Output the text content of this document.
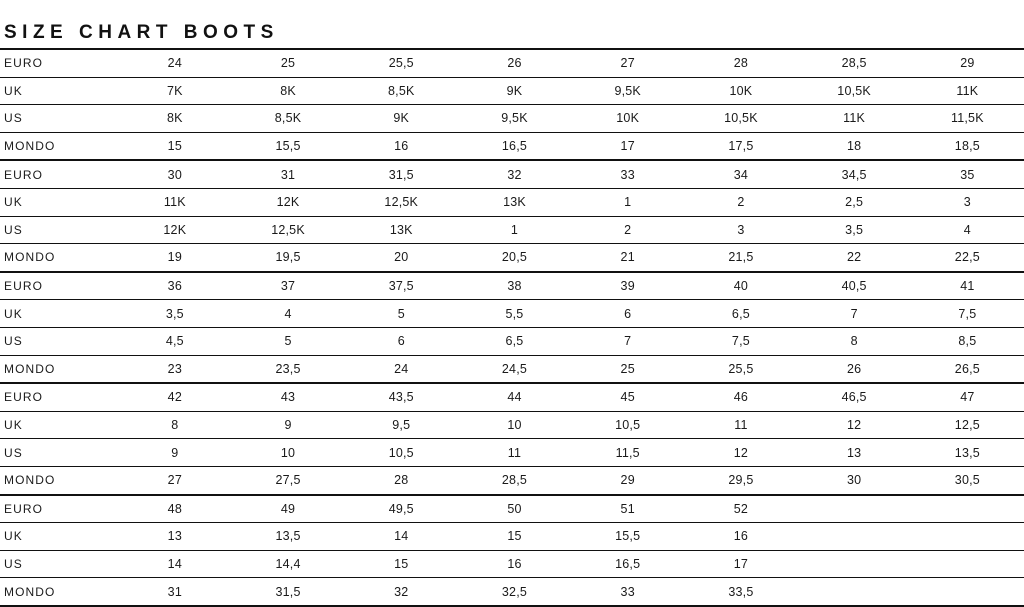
SIZE CHART BOOTS
EURO	24	25	25,5	26	27	28	28,5	29
UK	7K	8K	8,5K	9K	9,5K	10K	10,5K	11K
US	8K	8,5K	9K	9,5K	10K	10,5K	11K	11,5K
MONDO	15	15,5	16	16,5	17	17,5	18	18,5
EURO	30	31	31,5	32	33	34	34,5	35
UK	11K	12K	12,5K	13K	1	2	2,5	3
US	12K	12,5K	13K	1	2	3	3,5	4
MONDO	19	19,5	20	20,5	21	21,5	22	22,5
EURO	36	37	37,5	38	39	40	40,5	41
UK	3,5	4	5	5,5	6	6,5	7	7,5
US	4,5	5	6	6,5	7	7,5	8	8,5
MONDO	23	23,5	24	24,5	25	25,5	26	26,5
EURO	42	43	43,5	44	45	46	46,5	47
UK	8	9	9,5	10	10,5	11	12	12,5
US	9	10	10,5	11	11,5	12	13	13,5
MONDO	27	27,5	28	28,5	29	29,5	30	30,5
EURO	48	49	49,5	50	51	52		
UK	13	13,5	14	15	15,5	16		
US	14	14,4	15	16	16,5	17		
MONDO	31	31,5	32	32,5	33	33,5		
